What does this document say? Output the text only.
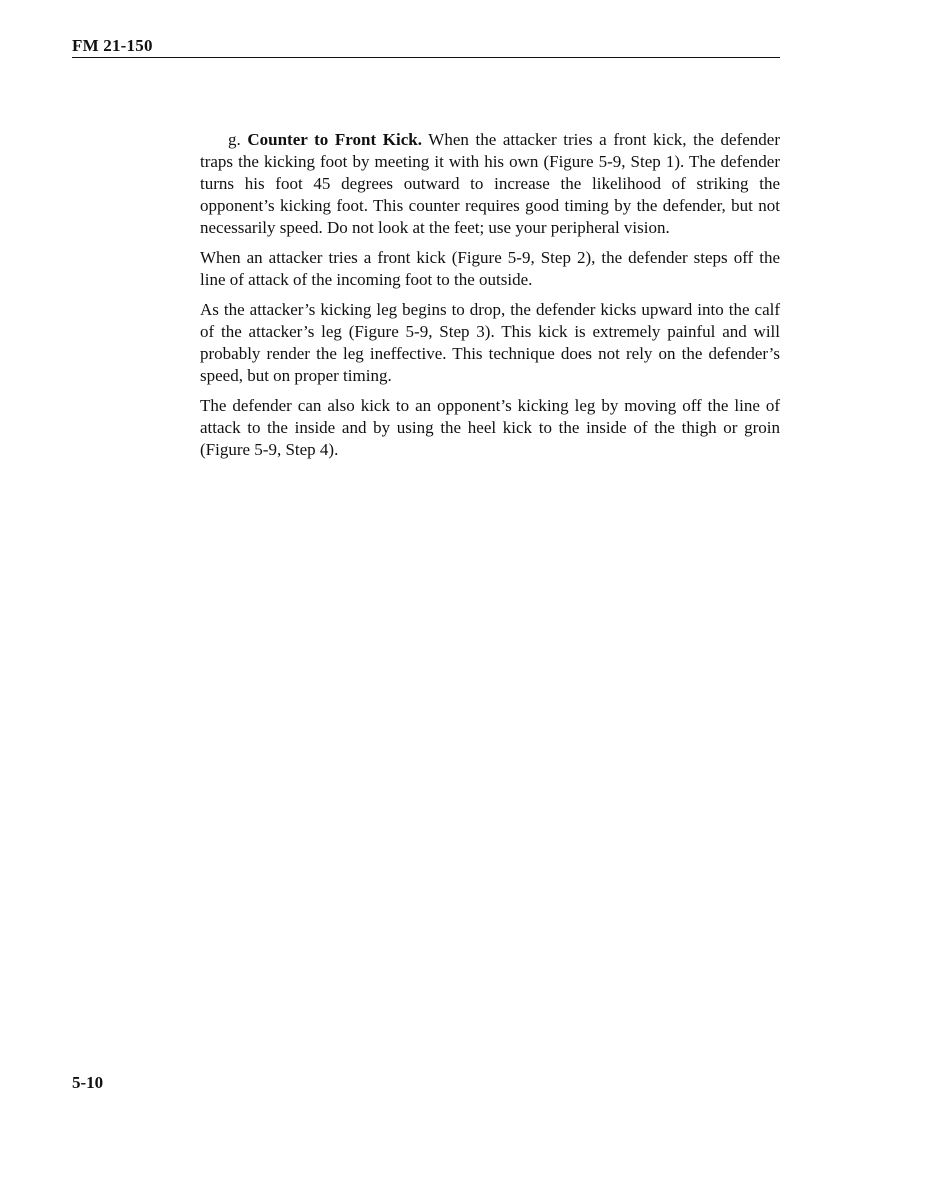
FM 21-150

g. Counter to Front Kick. When the attacker tries a front kick, the defender traps the kicking foot by meeting it with his own (Figure 5-9, Step 1). The defender turns his foot 45 degrees outward to increase the likelihood of striking the opponent’s kicking foot. This counter requires good timing by the defender, but not necessarily speed. Do not look at the feet; use your peripheral vision.

When an attacker tries a front kick (Figure 5-9, Step 2), the defender steps off the line of attack of the incoming foot to the outside.

As the attacker’s kicking leg begins to drop, the defender kicks upward into the calf of the attacker’s leg (Figure 5-9, Step 3). This kick is extremely painful and will probably render the leg ineffective. This technique does not rely on the defender’s speed, but on proper timing.

The defender can also kick to an opponent’s kicking leg by moving off the line of attack to the inside and by using the heel kick to the inside of the thigh or groin (Figure 5-9, Step 4).

5-10
